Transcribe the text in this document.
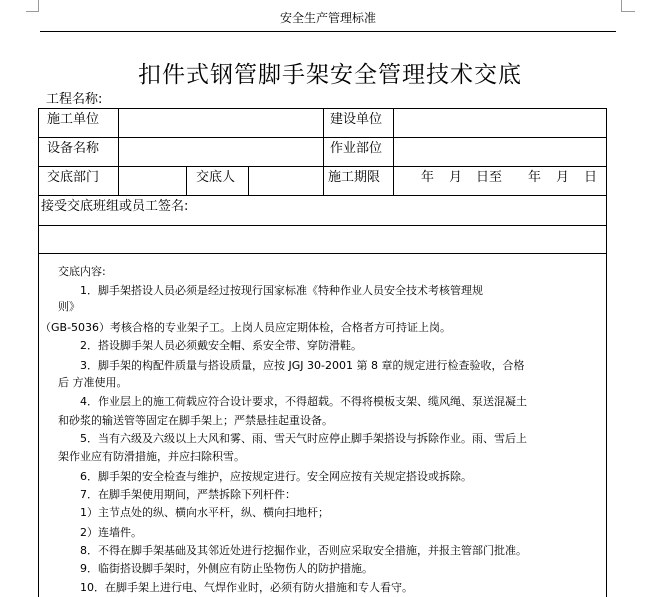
安全生产管理标准
扣件式钢管脚手架安全管理技术交底
工程名称:
施工单位	建设单位
设备名称	作业部位
交底部门	交底人	施工期限	年 月 日至 年 月 日
接受交底班组或员工签名:
交底内容:
1．脚手架搭设人员必须是经过按现行国家标准《特种作业人员安全技术考核管理规
则》
（GB-5036）考核合格的专业架子工。上岗人员应定期体检，合格者方可持证上岗。
2．搭设脚手架人员必须戴安全帽、系安全带、穿防滑鞋。
3．脚手架的构配件质量与搭设质量，应按 JGJ 30-2001 第 8 章的规定进行检查验收，合格
后 方准使用。
4．作业层上的施工荷载应符合设计要求，不得超载。不得将模板支架、缆风绳、泵送混凝土
和砂浆的输送管等固定在脚手架上；严禁悬挂起重设备。
5．当有六级及六级以上大风和雾、雨、雪天气时应停止脚手架搭设与拆除作业。雨、雪后上
架作业应有防滑措施，并应扫除积雪。
6．脚手架的安全检查与维护，应按规定进行。安全网应按有关规定搭设或拆除。
7．在脚手架使用期间，严禁拆除下列杆件：
1）主节点处的纵、横向水平杆，纵、横向扫地杆；
2）连墙件。
8．不得在脚手架基础及其邻近处进行挖掘作业，否则应采取安全措施，并报主管部门批准。
9．临街搭设脚手架时，外侧应有防止坠物伤人的防护措施。
10．在脚手架上进行电、气焊作业时，必须有防火措施和专人看守。
